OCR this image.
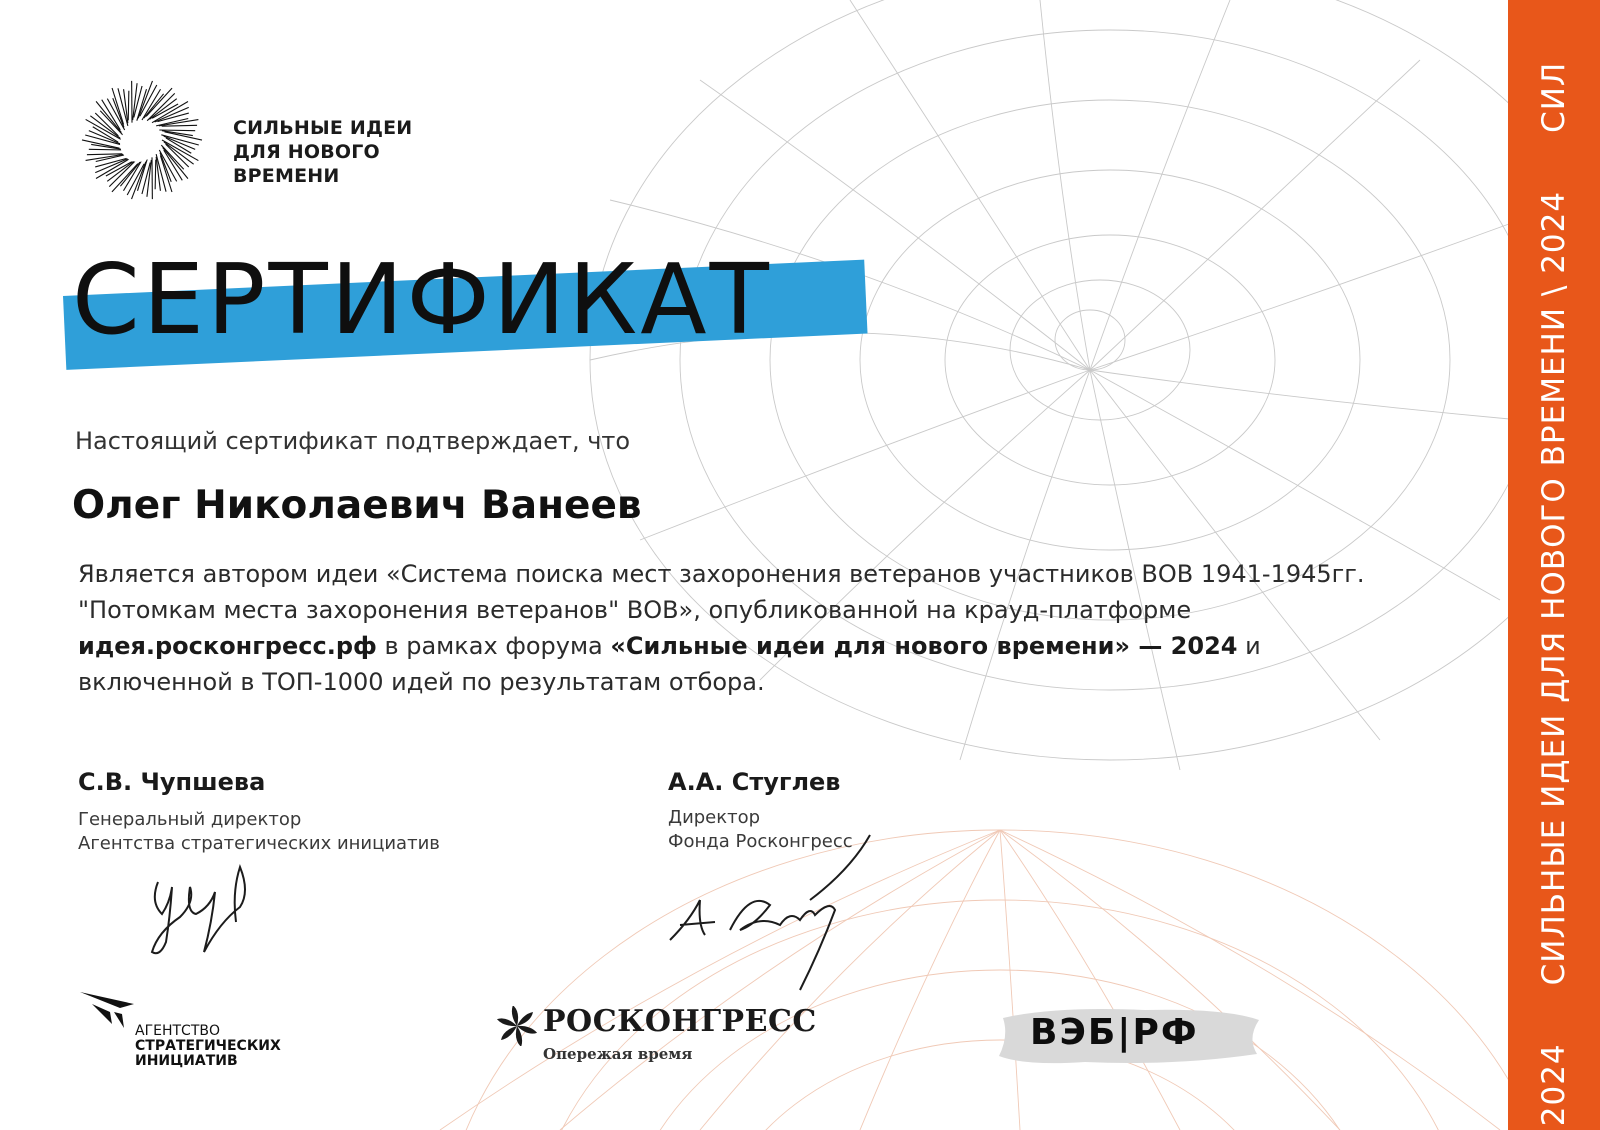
2024СИЛЬНЫЕ ИДЕИ ДЛЯ НОВОГО ВРЕМЕНИ \ 2024СИЛ
СИЛЬНЫЕ ИДЕИ
ДЛЯ НОВОГО
ВРЕМЕНИ
СЕРТИФИКАТ
Настоящий сертификат подтверждает, что
Олег Николаевич Ванеев
Является автором идеи «Система поиска мест захоронения ветеранов участников ВОВ 1941-1945гг. "Потомкам места захоронения ветеранов" ВОВ», опубликованной на крауд-платформе идея.росконгресс.рф в рамках форума «Сильные идеи для нового времени» — 2024 и включенной в ТОП-1000 идей по результатам отбора.
С.В. Чупшева
Генеральный директор
Агентства стратегических инициатив
А.А. Стуглев
Директор
Фонда Росконгресс
АГЕНТСТВО
СТРАТЕГИЧЕСКИХ
ИНИЦИАТИВ
РОСКОНГРЕСС
Опережая время
ВЭБ|РФ
